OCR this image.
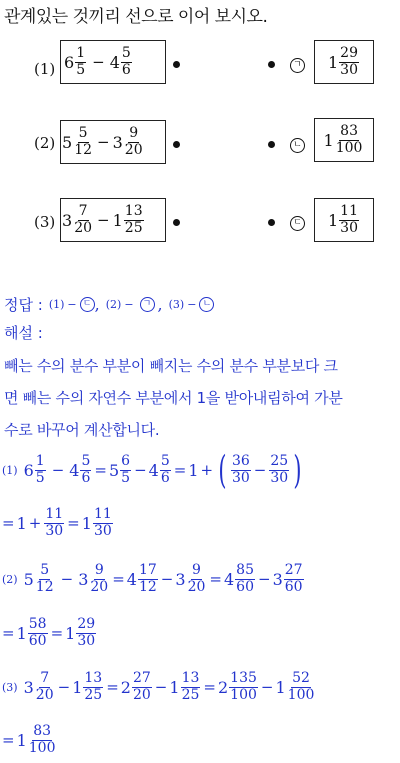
관계있는 것끼리 선으로 이어 보시오.
(1) $6 \frac{1}{5} - 4 \frac{5}{6}$
(2) $5 \frac{5}{12} - 3 \frac{9}{20}$
(3) $3 \frac{7}{20} - 1 \frac{13}{25}$
ㄱ $1 \frac{29}{30}$
ㄴ $1 \frac{83}{100}$
ㄷ $1 \frac{11}{30}$
정답 : (1) − ㄷ , (2) −	ㄱ , (3) − ㄴ
해설 :
빼는 수의 분수 부분이 빼지는 수의 분수 부분보다 크
면 빼는 수의 자연수 부분에서 1을 받아내림하여 가분
수로 바꾸어 계산합니다.
(1) $6 \frac{1}{5} - 4 \frac{5}{6} = 5 \frac{6}{5} - 4 \frac{5}{6} = 1$ + ( $\frac{36}{30} - \frac{25}{30}$ )
= $1 + \frac{11}{30} = 1 \frac{11}{30}$
(2) $5 \frac{5}{12} - 3 \frac{9}{20} = 4 \frac{17}{12} - 3 \frac{9}{20} = 4 \frac{85}{60} - 3 \frac{27}{60}$
= $1 \frac{58}{60} = 1 \frac{29}{30}$
(3) $3 \frac{7}{20} - 1 \frac{13}{25} = 2 \frac{27}{20} - 1 \frac{13}{25} = 2 \frac{135}{100} - 1 \frac{52}{100}$
= $1 \frac{83}{100}$
